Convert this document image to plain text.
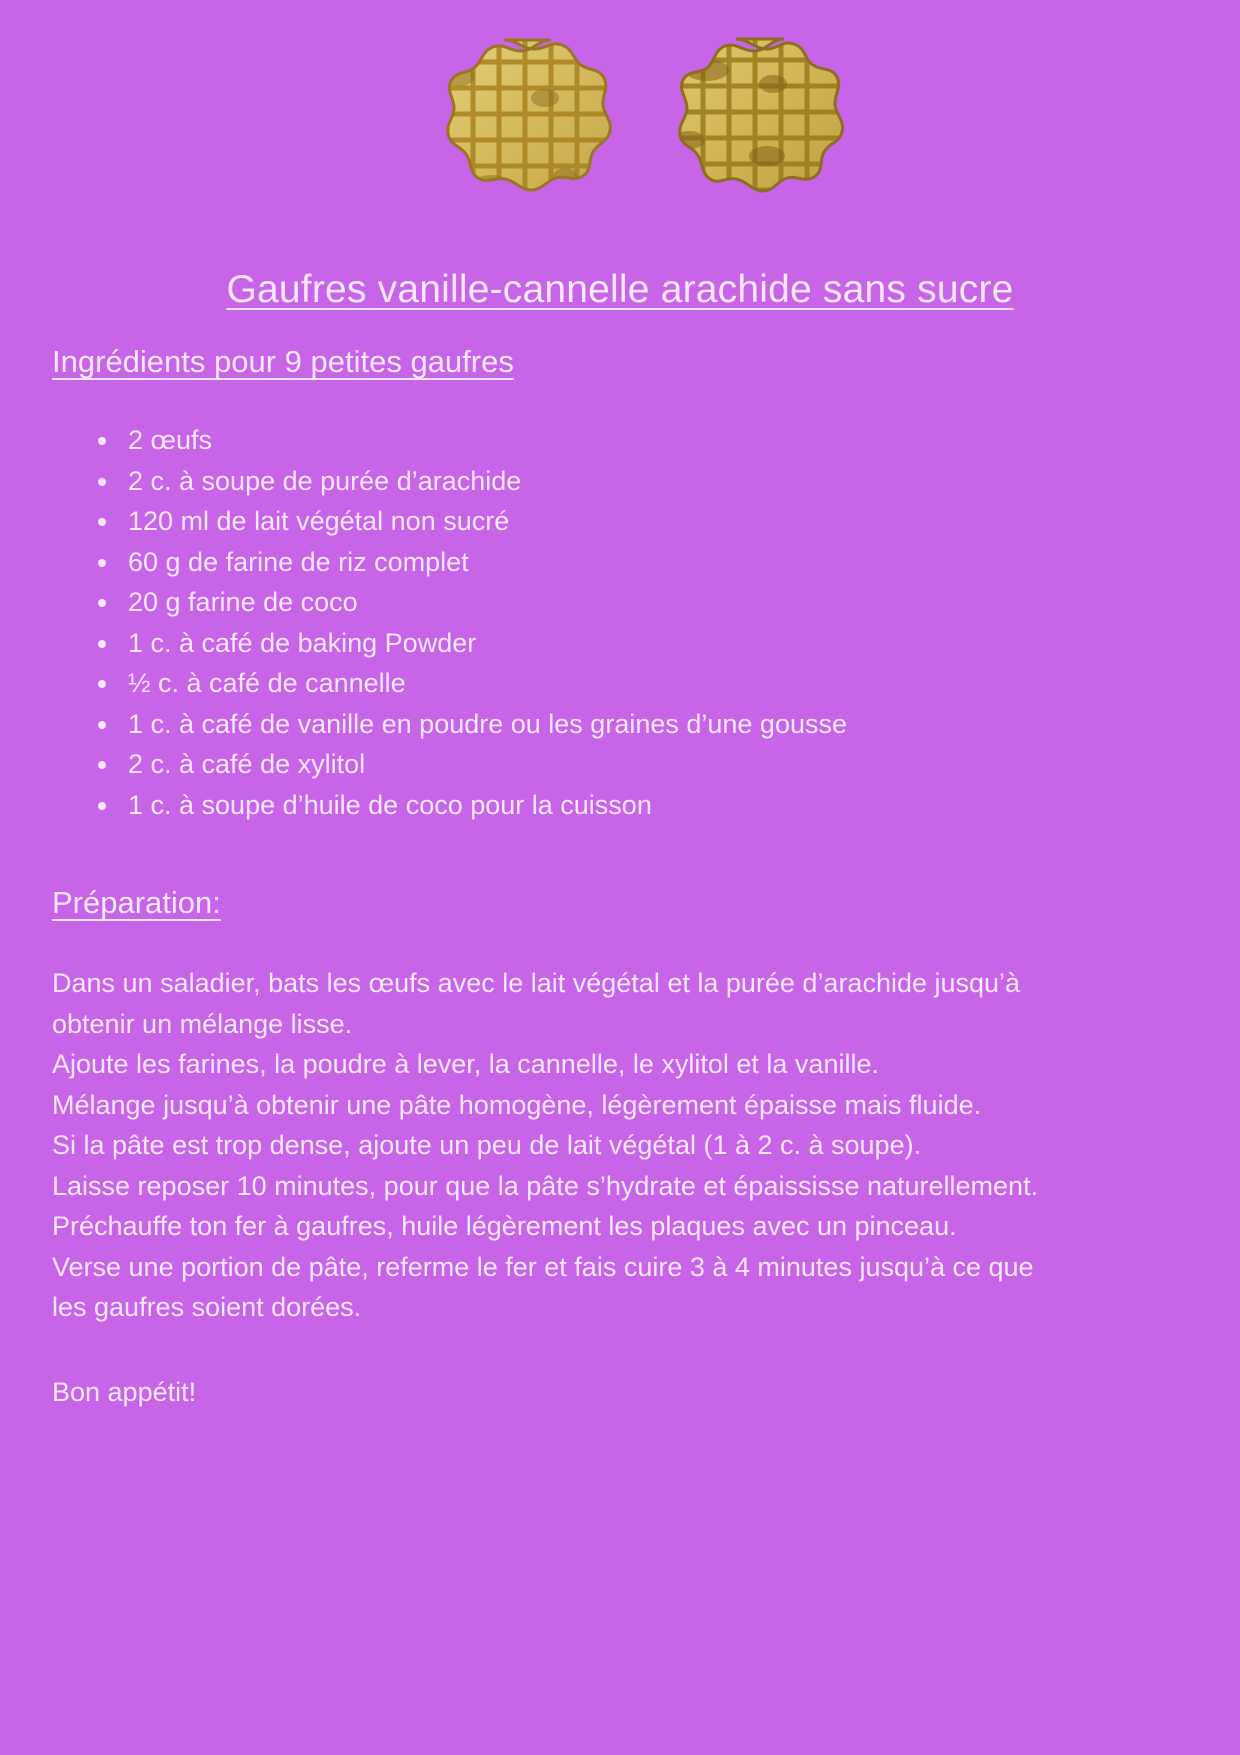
Gaufres vanille-cannelle arachide sans sucre
Ingrédients pour 9 petites gaufres
2 œufs
2 c. à soupe de purée d’arachide
120 ml de lait végétal non sucré
60 g de farine de riz complet
20 g farine de coco
1 c. à café de baking Powder
½ c. à café de cannelle
1 c. à café de vanille en poudre ou les graines d’une gousse
2 c. à café de xylitol
1 c. à soupe d’huile de coco pour la cuisson
Préparation:

Dans un saladier, bats les œufs avec le lait végétal et la purée d’arachide jusqu’à obtenir un mélange lisse.

Ajoute les farines, la poudre à lever, la cannelle, le xylitol et la vanille.

Mélange jusqu’à obtenir une pâte homogène, légèrement épaisse mais fluide.

Si la pâte est trop dense, ajoute un peu de lait végétal (1 à 2 c. à soupe).

Laisse reposer 10 minutes, pour que la pâte s’hydrate et épaississe naturellement.

Préchauffe ton fer à gaufres, huile légèrement les plaques avec un pinceau.

Verse une portion de pâte, referme le fer et fais cuire 3 à 4 minutes jusqu’à ce que les gaufres soient dorées.

Bon appétit!
